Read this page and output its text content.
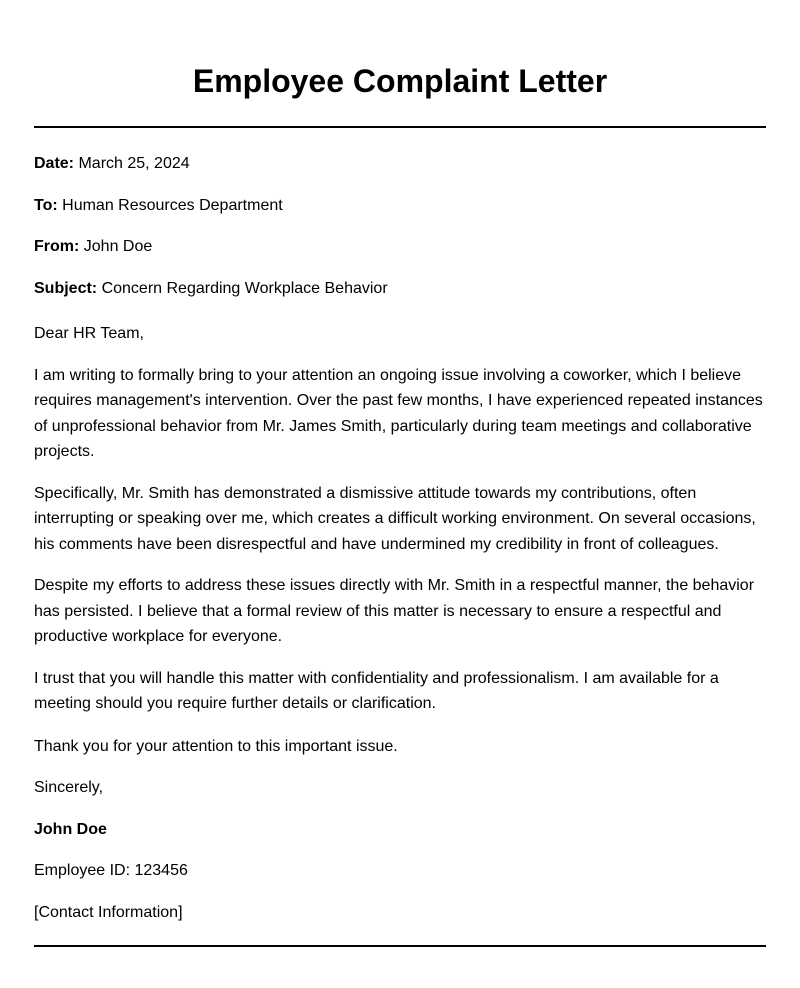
Employee Complaint Letter

Date: March 25, 2024

To: Human Resources Department

From: John Doe

Subject: Concern Regarding Workplace Behavior

Dear HR Team,

I am writing to formally bring to your attention an ongoing issue involving a coworker, which I believe requires management's intervention. Over the past few months, I have experienced repeated instances of unprofessional behavior from Mr. James Smith, particularly during team meetings and collaborative projects.

Specifically, Mr. Smith has demonstrated a dismissive attitude towards my contributions, often interrupting or speaking over me, which creates a difficult working environment. On several occasions, his comments have been disrespectful and have undermined my credibility in front of colleagues.

Despite my efforts to address these issues directly with Mr. Smith in a respectful manner, the behavior has persisted. I believe that a formal review of this matter is necessary to ensure a respectful and productive workplace for everyone.

I trust that you will handle this matter with confidentiality and professionalism. I am available for a meeting should you require further details or clarification.

Thank you for your attention to this important issue.

Sincerely,

John Doe

Employee ID: 123456

[Contact Information]
